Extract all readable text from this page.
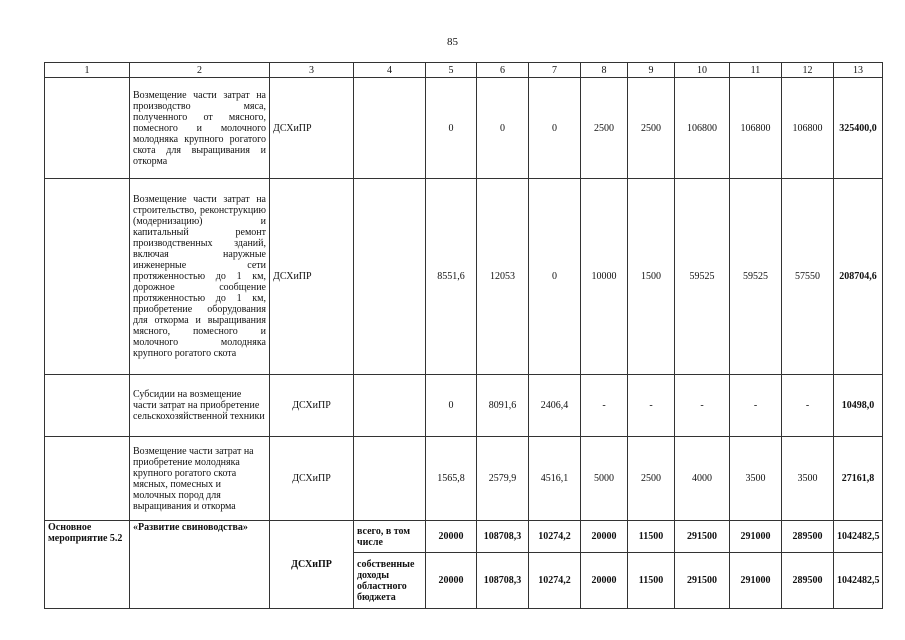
85
1	2	3	4	5	6	7	8	9	10	11	12	13
	Возмещение части затрат на производство мяса, полученного от мясного, помесного и молочного молодняка крупного рогатого скота для выращивания и откорма	ДСХиПР		0	0	0	2500	2500	106800	106800	106800	325400,0
	Возмещение части затрат на строительство, реконструкцию (модернизацию) и капитальный ремонт производственных зданий, включая наружные инженерные сети протяженностью до 1 км, дорожное сообщение протяженностью до 1 км, приобретение оборудования для откорма и выращивания мясного, помесного и молочного молодняка крупного рогатого скота	ДСХиПР		8551,6	12053	0	10000	1500	59525	59525	57550	208704,6
	Субсидии на возмещение части затрат на приобретение сельскохозяйственной техники	ДСХиПР		0	8091,6	2406,4	-	-	-	-	-	10498,0
	Возмещение части затрат на приобретение молодняка крупного рогатого скота мясных, помесных и молочных пород для выращивания и откорма	ДСХиПР		1565,8	2579,9	4516,1	5000	2500	4000	3500	3500	27161,8
Основное мероприятие 5.2	«Развитие свиноводства»	ДСХиПР	всего, в том числе	20000	108708,3	10274,2	20000	11500	291500	291000	289500	1042482,5
			собственные доходы областного бюджета	20000	108708,3	10274,2	20000	11500	291500	291000	289500	1042482,5
